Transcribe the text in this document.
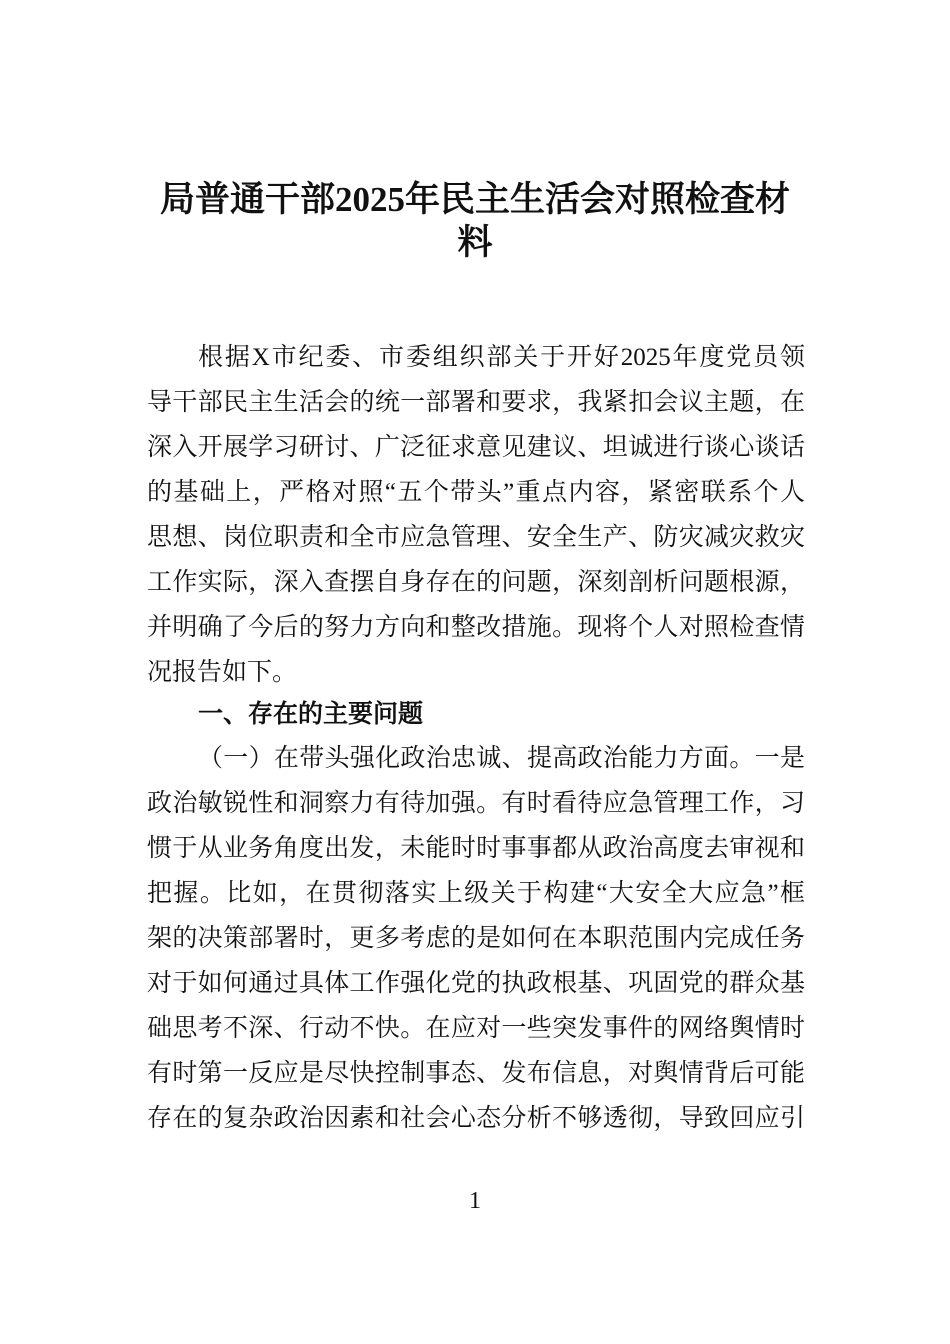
局普通干部2025年民主生活会对照检查材
料
根据X市纪委、市委组织部关于开好2025年度党员领
导干部民主生活会的统一部署和要求，我紧扣会议主题，在
深入开展学习研讨、广泛征求意见建议、坦诚进行谈心谈话
的基础上，严格对照“五个带头”重点内容，紧密联系个人
思想、岗位职责和全市应急管理、安全生产、防灾减灾救灾
工作实际，深入查摆自身存在的问题，深刻剖析问题根源，
并明确了今后的努力方向和整改措施。现将个人对照检查情
况报告如下。
一、存在的主要问题
（一）在带头强化政治忠诚、提高政治能力方面。一是
政治敏锐性和洞察力有待加强。有时看待应急管理工作，习
惯于从业务角度出发，未能时时事事都从政治高度去审视和
把握。比如，在贯彻落实上级关于构建“大安全大应急”框
架的决策部署时，更多考虑的是如何在本职范围内完成任务
对于如何通过具体工作强化党的执政根基、巩固党的群众基
础思考不深、行动不快。在应对一些突发事件的网络舆情时
有时第一反应是尽快控制事态、发布信息，对舆情背后可能
存在的复杂政治因素和社会心态分析不够透彻，导致回应引
1
